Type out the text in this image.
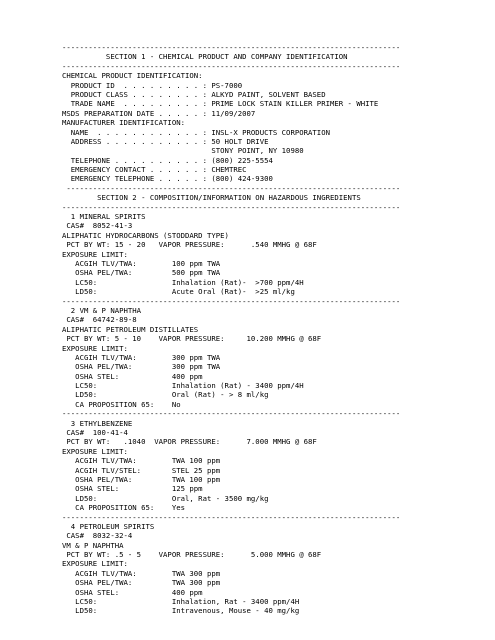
-----------------------------------------------------------------------------
SECTION 1 - CHEMICAL PRODUCT AND COMPANY IDENTIFICATION
-----------------------------------------------------------------------------
CHEMICAL PRODUCT IDENTIFICATION:
PRODUCT ID  . . . . . . . . . : PS-7000
PRODUCT CLASS . . . . . . . . : ALKYD PAINT, SOLVENT BASED
TRADE NAME  . . . . . . . . . : PRIME LOCK STAIN KILLER PRIMER - WHITE
MSDS PREPARATION DATE . . . . . : 11/09/2007
MANUFACTURER IDENTIFICATION:
NAME  . . . . . . . . . . . . : INSL-X PRODUCTS CORPORATION
ADDRESS . . . . . . . . . . . : 50 HOLT DRIVE
STONY POINT, NY 10980
TELEPHONE . . . . . . . . . . : (800) 225-5554
EMERGENCY CONTACT . . . . . . : CHEMTREC
EMERGENCY TELEPHONE . . . . . : (800) 424-9300
----------------------------------------------------------------------------
SECTION 2 - COMPOSITION/INFORMATION ON HAZARDOUS INGREDIENTS
-----------------------------------------------------------------------------
1 MINERAL SPIRITS
CAS#  8052-41-3
ALIPHATIC HYDROCARBONS (STODDARD TYPE)
PCT BY WT: 15 - 20   VAPOR PRESSURE:      .540 MMHG @ 68F
EXPOSURE LIMIT:
ACGIH TLV/TWA:        100 ppm TWA
OSHA PEL/TWA:         500 ppm TWA
LC50:                 Inhalation (Rat)-  >700 ppm/4H
LD50:                 Acute Oral (Rat)-  >25 ml/kg
-----------------------------------------------------------------------------
2 VM & P NAPHTHA
CAS#  64742-89-8
ALIPHATIC PETROLEUM DISTILLATES
PCT BY WT: 5 - 10    VAPOR PRESSURE:     10.200 MMHG @ 68F
EXPOSURE LIMIT:
ACGIH TLV/TWA:        300 ppm TWA
OSHA PEL/TWA:         300 ppm TWA
OSHA STEL:            400 ppm
LC50:                 Inhalation (Rat) - 3400 ppm/4H
LD50:                 Oral (Rat) - > 8 ml/kg
CA PROPOSITION 65:    No
-----------------------------------------------------------------------------
3 ETHYLBENZENE
CAS#  100-41-4
PCT BY WT:   .1040  VAPOR PRESSURE:      7.000 MMHG @ 68F
EXPOSURE LIMIT:
ACGIH TLV/TWA:        TWA 100 ppm
ACGIH TLV/STEL:       STEL 25 ppm
OSHA PEL/TWA:         TWA 100 ppm
OSHA STEL:            125 ppm
LD50:                 Oral, Rat - 3500 mg/kg
CA PROPOSITION 65:    Yes
-----------------------------------------------------------------------------
4 PETROLEUM SPIRITS
CAS#  8032-32-4
VM & P NAPHTHA
PCT BY WT: .5 - 5    VAPOR PRESSURE:      5.000 MMHG @ 68F
EXPOSURE LIMIT:
ACGIH TLV/TWA:        TWA 300 ppm
OSHA PEL/TWA:         TWA 300 ppm
OSHA STEL:            400 ppm
LC50:                 Inhalation, Rat - 3400 ppm/4H
LD50:                 Intravenous, Mouse - 40 mg/kg
